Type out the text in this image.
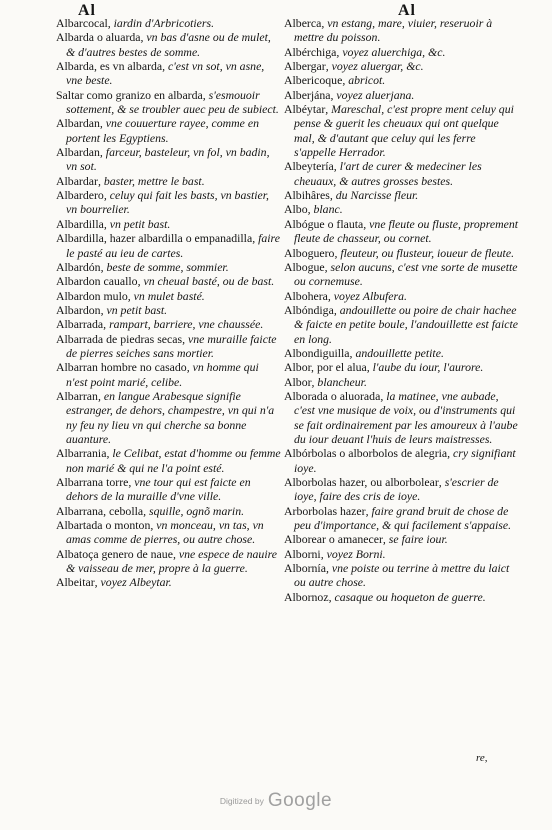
Al	Al

Albarcocal, iardin d'Arbricotiers.

Albarda o aluarda, vn bas d'asne ou de mulet, & d'autres bestes de somme.

Albarda, es vn albarda, c'est vn sot, vn asne, vne beste.

Saltar como granizo en albarda, s'esmouoir sottement, & se troubler auec peu de subiect.

Albardan, vne couuerture rayee, comme en portent les Egyptiens.

Albardan, farceur, basteleur, vn fol, vn badin, vn sot.

Albardar, baster, mettre le bast.

Albardero, celuy qui fait les basts, vn bastier, vn bourrelier.

Albardilla, vn petit bast.

Albardilla, hazer albardilla o empanadilla, faire le pasté au ieu de cartes.

Albardón, beste de somme, sommier.

Albardon cauallo, vn cheual basté, ou de bast.

Albardon mulo, vn mulet basté.

Albardon, vn petit bast.

Albarrada, rampart, barriere, vne chaussée.

Albarrada de piedras secas, vne muraille faicte de pierres seiches sans mortier.

Albarran hombre no casado, vn homme qui n'est point marié, celibe.

Albarran, en langue Arabesque signifie estranger, de dehors, champestre, vn qui n'a ny feu ny lieu vn qui cherche sa bonne auanture.

Albarrania, le Celibat, estat d'homme ou femme non marié & qui ne l'a point esté.

Albarrana torre, vne tour qui est faicte en dehors de la muraille d'vne ville.

Albarrana, cebolla, squille, ognõ marin.

Albartada o monton, vn monceau, vn tas, vn amas comme de pierres, ou autre chose.

Albatoça genero de naue, vne espece de nauire & vaisseau de mer, propre à la guerre.

Albeitar, voyez Albeytar.

Alberca, vn estang, mare, viuier, reseruoir à mettre du poisson.

Albérchiga, voyez aluerchiga, &c.

Albergar, voyez aluergar, &c.

Albericoque, abricot.

Alberjána, voyez aluerjana.

Albéytar, Mareschal, c'est propre ment celuy qui pense & guerit les cheuaux qui ont quelque mal, & d'autant que celuy qui les ferre s'appelle Herrador.

Albeytería, l'art de curer & medeciner les cheuaux, & autres grosses bestes.

Albihâres, du Narcisse fleur.

Albo, blanc.

Albógue o flauta, vne fleute ou fluste, proprement fleute de chasseur, ou cornet.

Alboguero, fleuteur, ou flusteur, ioueur de fleute.

Albogue, selon aucuns, c'est vne sorte de musette ou cornemuse.

Albohera, voyez Albufera.

Albóndiga, andouillette ou poire de chair hachee & faicte en petite boule, l'andouillette est faicte en long.

Albondiguilla, andouillette petite.

Albor, por el alua, l'aube du iour, l'aurore.

Albor, blancheur.

Alborada o aluorada, la matinee, vne aubade, c'est vne musique de voix, ou d'instruments qui se fait ordinairement par les amoureux à l'aube du iour deuant l'huis de leurs maistresses.

Albórbolas o alborbolos de alegria, cry signifiant ioye.

Alborbolas hazer, ou alborbolear, s'escrier de ioye, faire des cris de ioye.

Arborbolas hazer, faire grand bruit de chose de peu d'importance, & qui facilement s'appaise.

Alborear o amanecer, se faire iour.

Alborni, voyez Borni.

Albornía, vne poiste ou terrine à mettre du laict ou autre chose.

Albornoz, casaque ou hoqueton de guerre.

re,
Digitized by Google
